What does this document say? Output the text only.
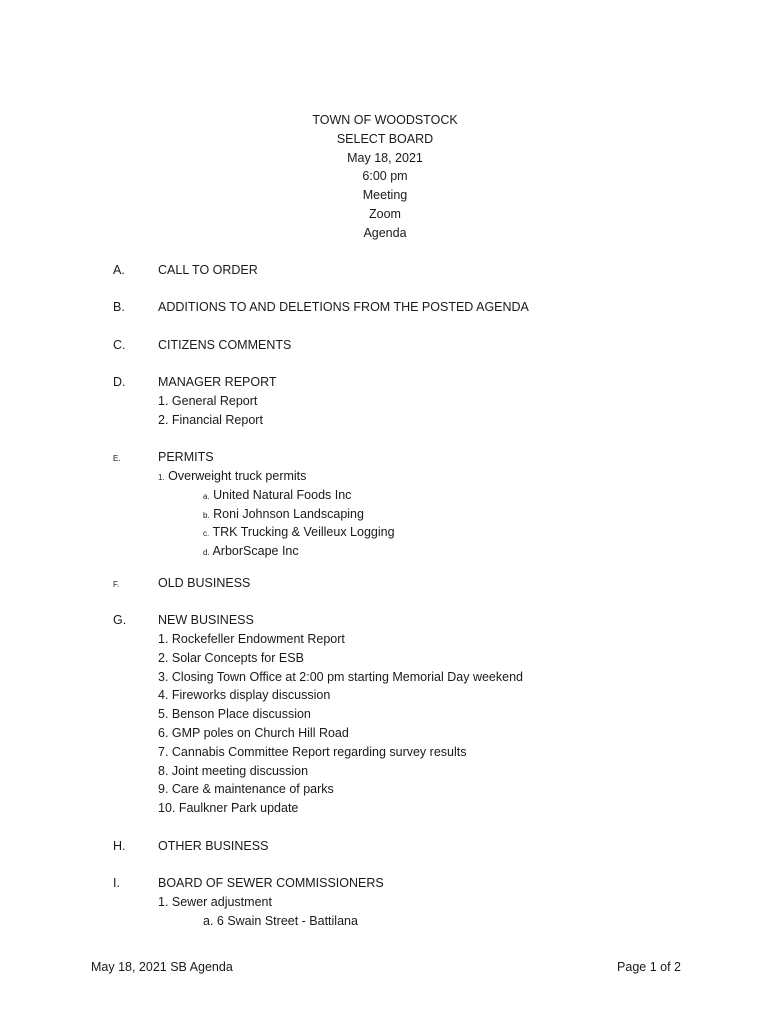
TOWN OF WOODSTOCK
SELECT BOARD
May 18, 2021
6:00 pm
Meeting
Zoom
Agenda
A.	CALL TO ORDER
B.	ADDITIONS TO AND DELETIONS FROM THE POSTED AGENDA
C.	CITIZENS COMMENTS
D.	MANAGER REPORT
1. General Report
2. Financial Report
E.	PERMITS
1. Overweight truck permits
a. United Natural Foods Inc
b. Roni Johnson Landscaping
c. TRK Trucking & Veilleux Logging
d. ArborScape Inc
F.	OLD BUSINESS
G.	NEW BUSINESS
1. Rockefeller Endowment Report
2. Solar Concepts for ESB
3. Closing Town Office at 2:00 pm starting Memorial Day weekend
4. Fireworks display discussion
5. Benson Place discussion
6. GMP poles on Church Hill Road
7. Cannabis Committee Report regarding survey results
8. Joint meeting discussion
9. Care & maintenance of parks
10. Faulkner Park update
H.	OTHER BUSINESS
I.	BOARD OF SEWER COMMISSIONERS
1. Sewer adjustment
a. 6 Swain Street - Battilana
May 18, 2021 SB Agenda	Page 1 of 2
